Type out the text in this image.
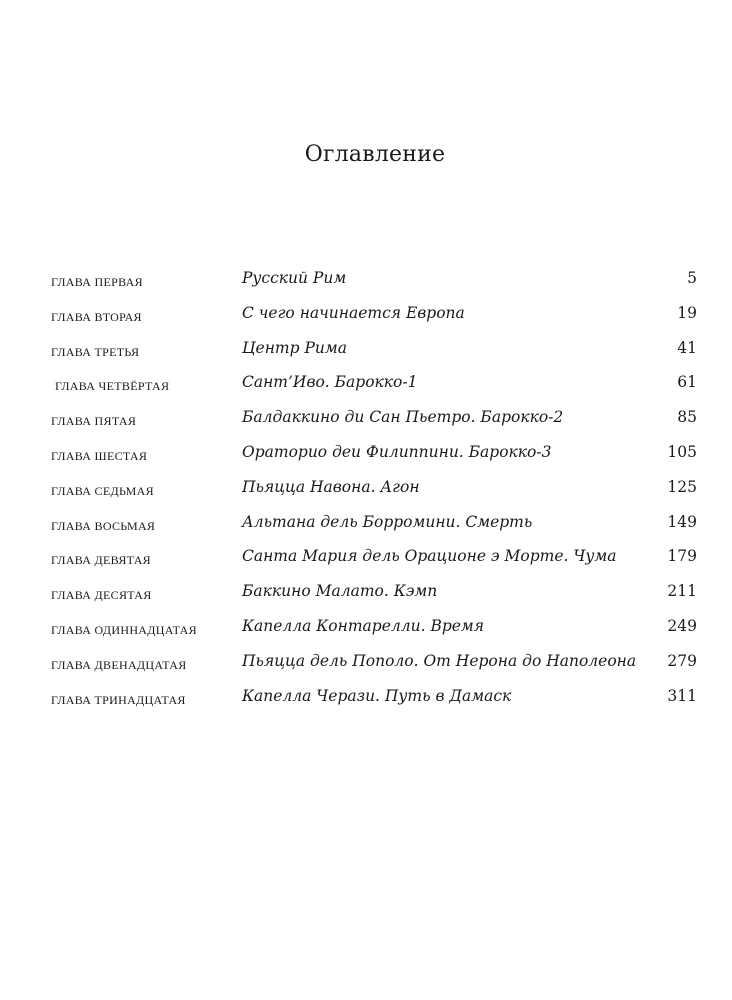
Оглавление
ГЛАВА ПЕРВАЯ	Русский Рим	5
ГЛАВА ВТОРАЯ	С чего начинается Европа	19
ГЛАВА ТРЕТЬЯ	Центр Рима	41
ГЛАВА ЧЕТВЁРТАЯ	Сант’Иво. Барокко-1	61
ГЛАВА ПЯТАЯ	Балдаккино ди Сан Пьетро. Барокко-2	85
ГЛАВА ШЕСТАЯ	Ораторио деи Филиппини. Барокко-3	105
ГЛАВА СЕДЬМАЯ	Пьяцца Навона. Агон	125
ГЛАВА ВОСЬМАЯ	Альтана дель Борромини. Смерть	149
ГЛАВА ДЕВЯТАЯ	Санта Мария дель Орационе э Морте. Чума	179
ГЛАВА ДЕСЯТАЯ	Баккино Малато. Кэмп	211
ГЛАВА ОДИННАДЦАТАЯ	Капелла Контарелли. Время	249
ГЛАВА ДВЕНАДЦАТАЯ	Пьяцца дель Пополо. От Нерона до Наполеона 279
ГЛАВА ТРИНАДЦАТАЯ	Капелла Черази. Путь в Дамаск	311
